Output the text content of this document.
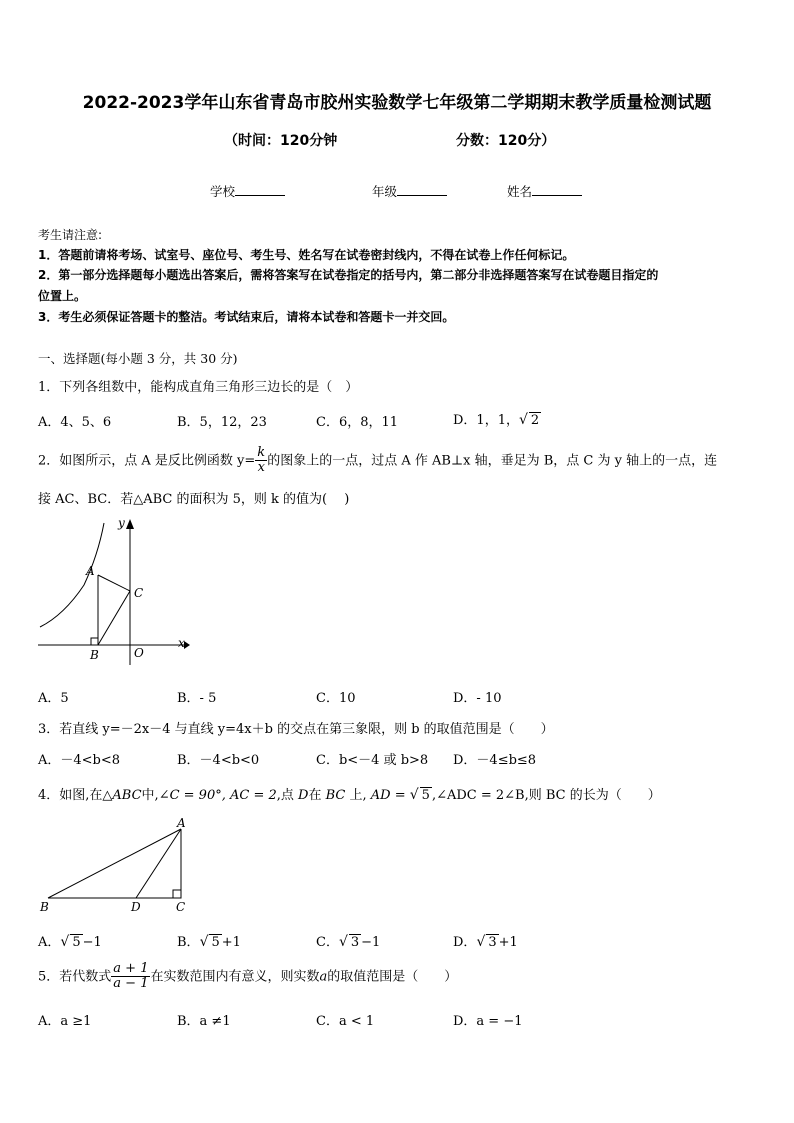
2022-2023学年山东省青岛市胶州实验数学七年级第二学期期末教学质量检测试题
（时间：120分钟	分数：120分）
学校	年级	姓名
考生请注意:
1．答题前请将考场、试室号、座位号、考生号、姓名写在试卷密封线内，不得在试卷上作任何标记。
2．第一部分选择题每小题选出答案后，需将答案写在试卷指定的括号内，第二部分非选择题答案写在试卷题目指定的
位置上。
3．考生必须保证答题卡的整洁。考试结束后，请将本试卷和答题卡一并交回。
一、选择题(每小题 3 分，共 30 分)
1．下列各组数中，能构成直角三角形三边长的是（　）
A．4、5、6	B．5，12，23	C．6，8，11	D．1，1，√ 2
2．如图所示，点 A 是反比例函数 $y= \frac{k}{x}$ 的图象上的一点，过点 A 作 AB⊥x 轴，垂足为 B，点 C 为 y 轴上的一点，连
接 AC、BC．若△ABC 的面积为 5，则 k 的值为(　 )
y
x
A
C
B	O
A．5	B．- 5	C．10	D．- 10
3．若直线 y=－2x－4 与直线 y=4x＋b 的交点在第三象限，则 b 的取值范围是（　　）
A．－4<b<8	B．－4<b<0	C．b<－4 或 b>8 D．－4≤b≤8
4．如图,在△ABC中,∠C = 90°, AC = 2,点 D在 BC 上, AD = √ 5 ,∠ADC = 2∠B,则 BC 的长为（　　）
A
B	D	C
A．√ 5 −1	B．√ 5 +1	C．√ 3 −1	D．√ 3 +1
5．若代数式 $\frac{a + 1}{a - 1}$ 在实数范围内有意义，则实数a的取值范围是（　　）
A．a ≥1	B．a ≠1	C．a < 1	D．a = −1
